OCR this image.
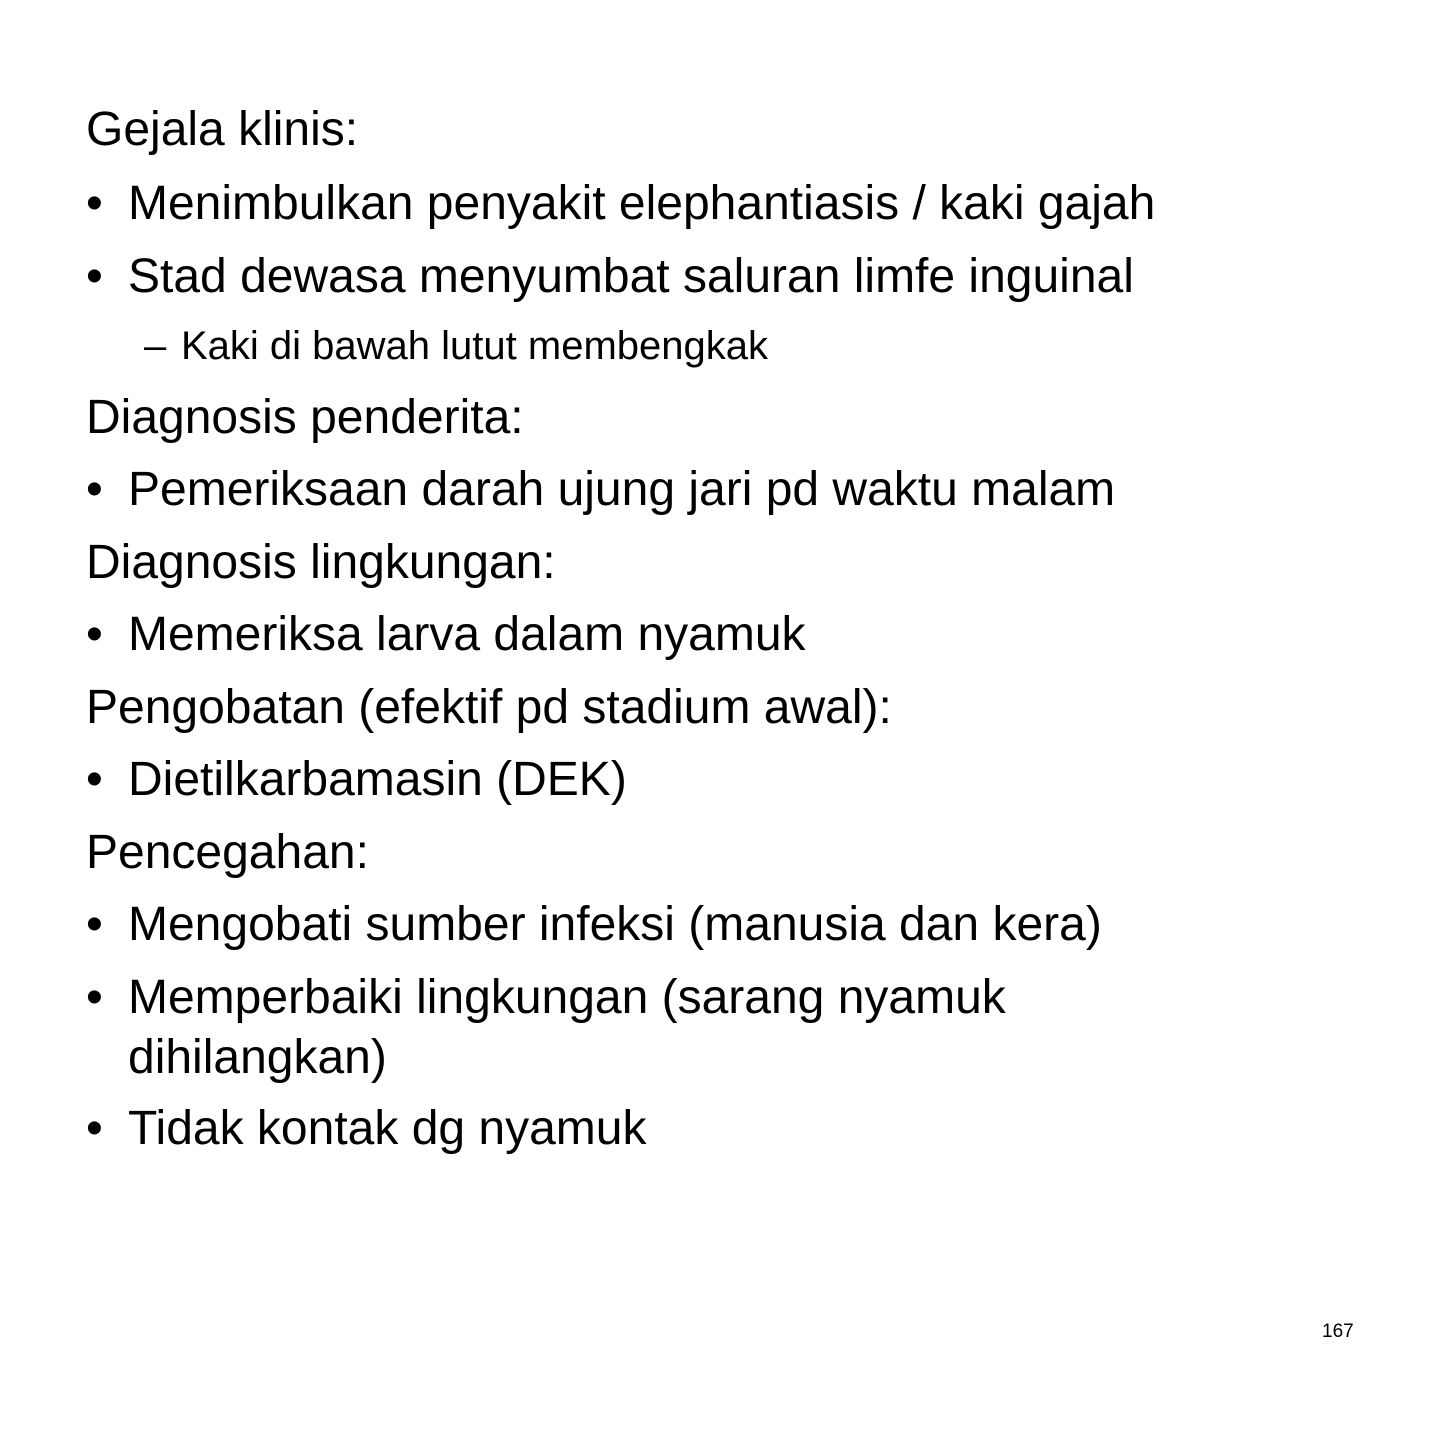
Gejala klinis:
• Menimbulkan penyakit elephantiasis / kaki gajah
• Stad dewasa menyumbat saluran limfe inguinal
– Kaki di bawah lutut membengkak
Diagnosis penderita:
• Pemeriksaan darah ujung jari pd waktu malam
Diagnosis lingkungan:
• Memeriksa larva dalam nyamuk
Pengobatan (efektif pd stadium awal):
• Dietilkarbamasin (DEK)
Pencegahan:
• Mengobati sumber infeksi (manusia dan kera)
• Memperbaiki lingkungan (sarang nyamuk
dihilangkan)
• Tidak kontak dg nyamuk
167
